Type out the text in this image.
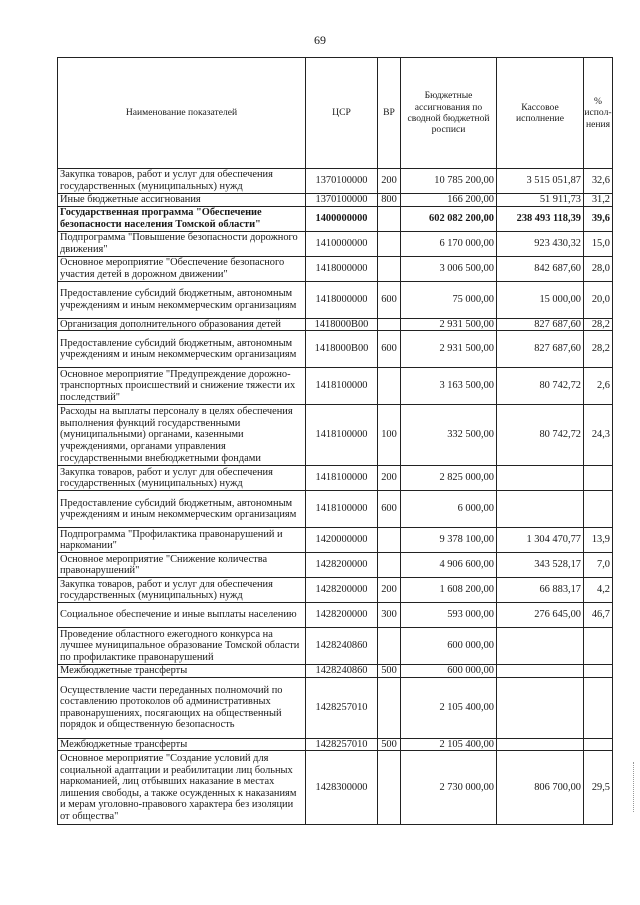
69
Наименование показателей	ЦСР	ВР	Бюджетные ассигнования по сводной бюджетной росписи	Кассовое исполнение	% испол-нения
Закупка товаров, работ и услуг для обеспечения государственных (муниципальных) нужд	1370100000	200	10 785 200,00	3 515 051,87	32,6
Иные бюджетные ассигнования	1370100000	800	166 200,00	51 911,73	31,2
Государственная программа "Обеспечение безопасности населения Томской области"	1400000000		602 082 200,00	238 493 118,39	39,6
Подпрограмма "Повышение безопасности дорожного движения"	1410000000		6 170 000,00	923 430,32	15,0
Основное мероприятие "Обеспечение безопасного участия детей в дорожном движении"	1418000000		3 006 500,00	842 687,60	28,0
Предоставление субсидий бюджетным, автономным учреждениям и иным некоммерческим организациям	1418000000	600	75 000,00	15 000,00	20,0
Организация дополнительного образования детей	1418000В00		2 931 500,00	827 687,60	28,2
Предоставление субсидий бюджетным, автономным учреждениям и иным некоммерческим организациям	1418000В00	600	2 931 500,00	827 687,60	28,2
Основное мероприятие "Предупреждение дорожно-транспортных происшествий и снижение тяжести их последствий"	1418100000		3 163 500,00	80 742,72	2,6
Расходы на выплаты персоналу в целях обеспечения выполнения функций государственными (муниципальными) органами, казенными учреждениями, органами управления государственными внебюджетными фондами	1418100000	100	332 500,00	80 742,72	24,3
Закупка товаров, работ и услуг для обеспечения государственных (муниципальных) нужд	1418100000	200	2 825 000,00		
Предоставление субсидий бюджетным, автономным учреждениям и иным некоммерческим организациям	1418100000	600	6 000,00		
Подпрограмма "Профилактика правонарушений и наркомании"	1420000000		9 378 100,00	1 304 470,77	13,9
Основное мероприятие "Снижение количества правонарушений"	1428200000		4 906 600,00	343 528,17	7,0
Закупка товаров, работ и услуг для обеспечения государственных (муниципальных) нужд	1428200000	200	1 608 200,00	66 883,17	4,2
Социальное обеспечение и иные выплаты населению	1428200000	300	593 000,00	276 645,00	46,7
Проведение областного ежегодного конкурса на лучшее муниципальное образование Томской области по профилактике правонарушений	1428240860		600 000,00		
Межбюджетные трансферты	1428240860	500	600 000,00		
Осуществление части переданных полномочий по составлению протоколов об административных правонарушениях, посягающих на общественный порядок и общественную безопасность	1428257010		2 105 400,00		
Межбюджетные трансферты	1428257010	500	2 105 400,00		
Основное мероприятие "Создание условий для социальной адаптации и реабилитации лиц больных наркоманией, лиц отбывших наказание в местах лишения свободы, а также осужденных к наказаниям и мерам уголовно-правового характера без изоляции от общества"	1428300000		2 730 000,00	806 700,00	29,5
